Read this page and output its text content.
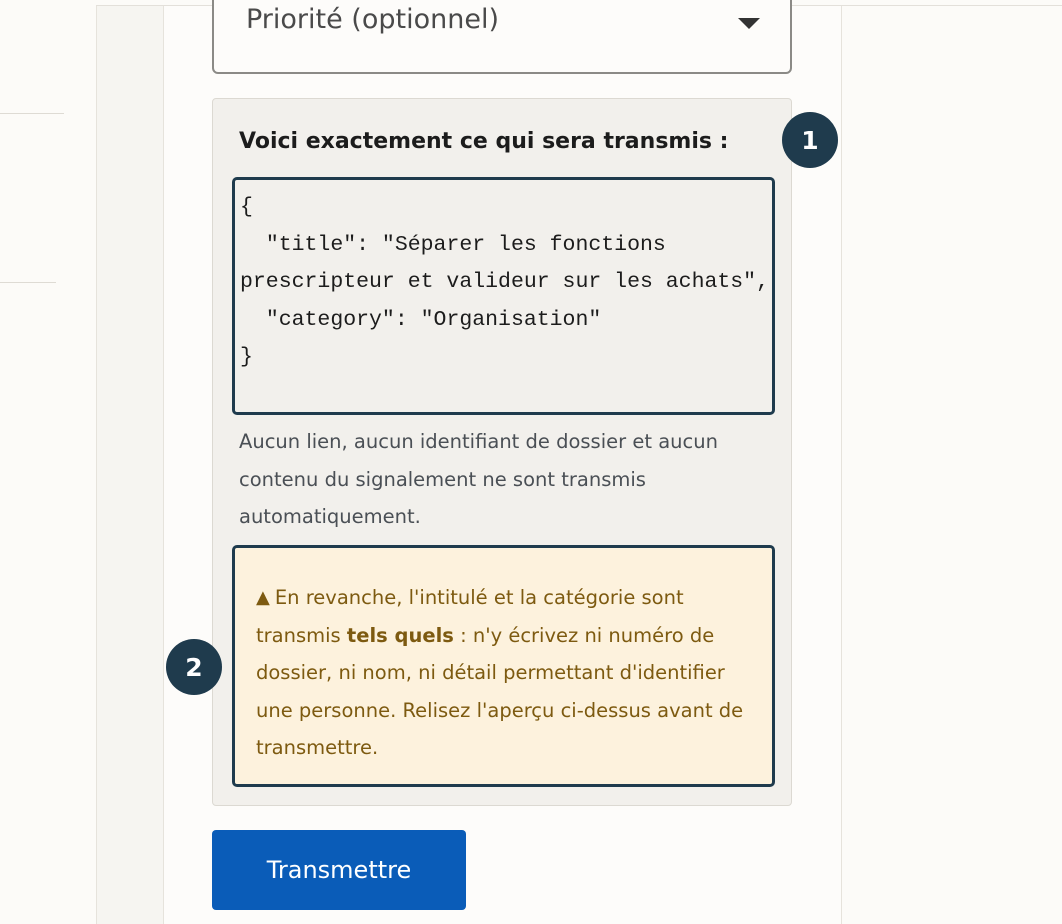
Priorité (optionnel)
Voici exactement ce qui sera transmis :
{
"title": "Séparer les fonctions prescripteur et valideur sur les achats",
"category": "Organisation"
}
Aucun lien, aucun identifiant de dossier et aucun contenu du signalement ne sont transmis automatiquement.
▲ En revanche, l'intitulé et la catégorie sont transmis tels quels : n'y écrivez ni numéro de dossier, ni nom, ni détail permettant d'identifier une personne. Relisez l'aperçu ci-dessus avant de transmettre.
1
2
Transmettre
